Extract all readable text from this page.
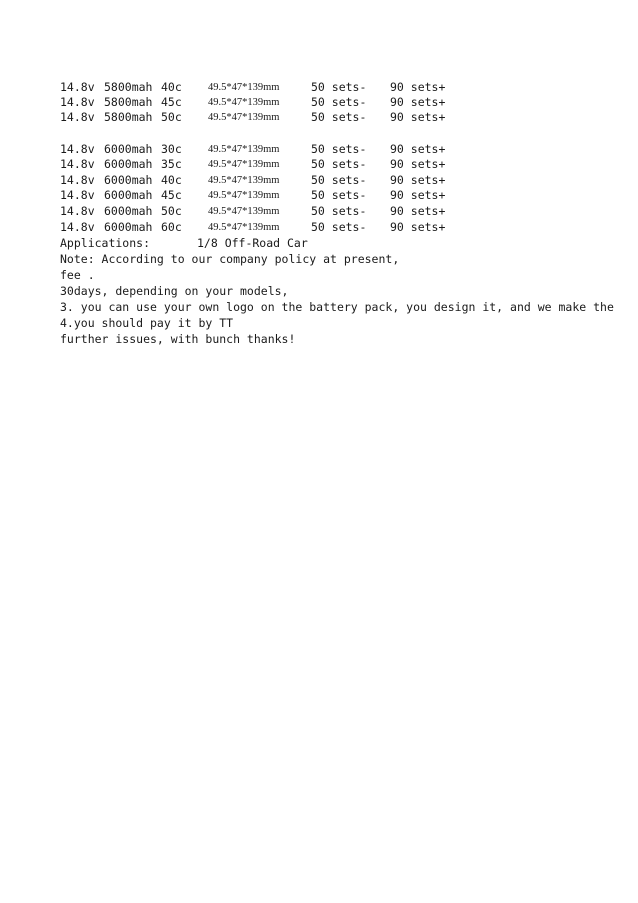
14.8v 5800mah 40c 49.5*47*139mm	50 sets- 90 sets+
14.8v 5800mah 45c 49.5*47*139mm	50 sets- 90 sets+
14.8v 5800mah 50c 49.5*47*139mm	50 sets- 90 sets+
14.8v 6000mah 30c 49.5*47*139mm	50 sets- 90 sets+
14.8v 6000mah 35c 49.5*47*139mm	50 sets- 90 sets+
14.8v 6000mah 40c 49.5*47*139mm	50 sets- 90 sets+
14.8v 6000mah 45c 49.5*47*139mm	50 sets- 90 sets+
14.8v 6000mah 50c 49.5*47*139mm	50 sets- 90 sets+
14.8v 6000mah 60c 49.5*47*139mm	50 sets- 90 sets+
Applications:	1/8 Off-Road Car
Note: According to our company policy at present,
fee .
30days, depending on your models,
3. you can use your own logo on the battery pack, you design it, and we make the
4.you should pay it by TT
further issues, with bunch thanks!
